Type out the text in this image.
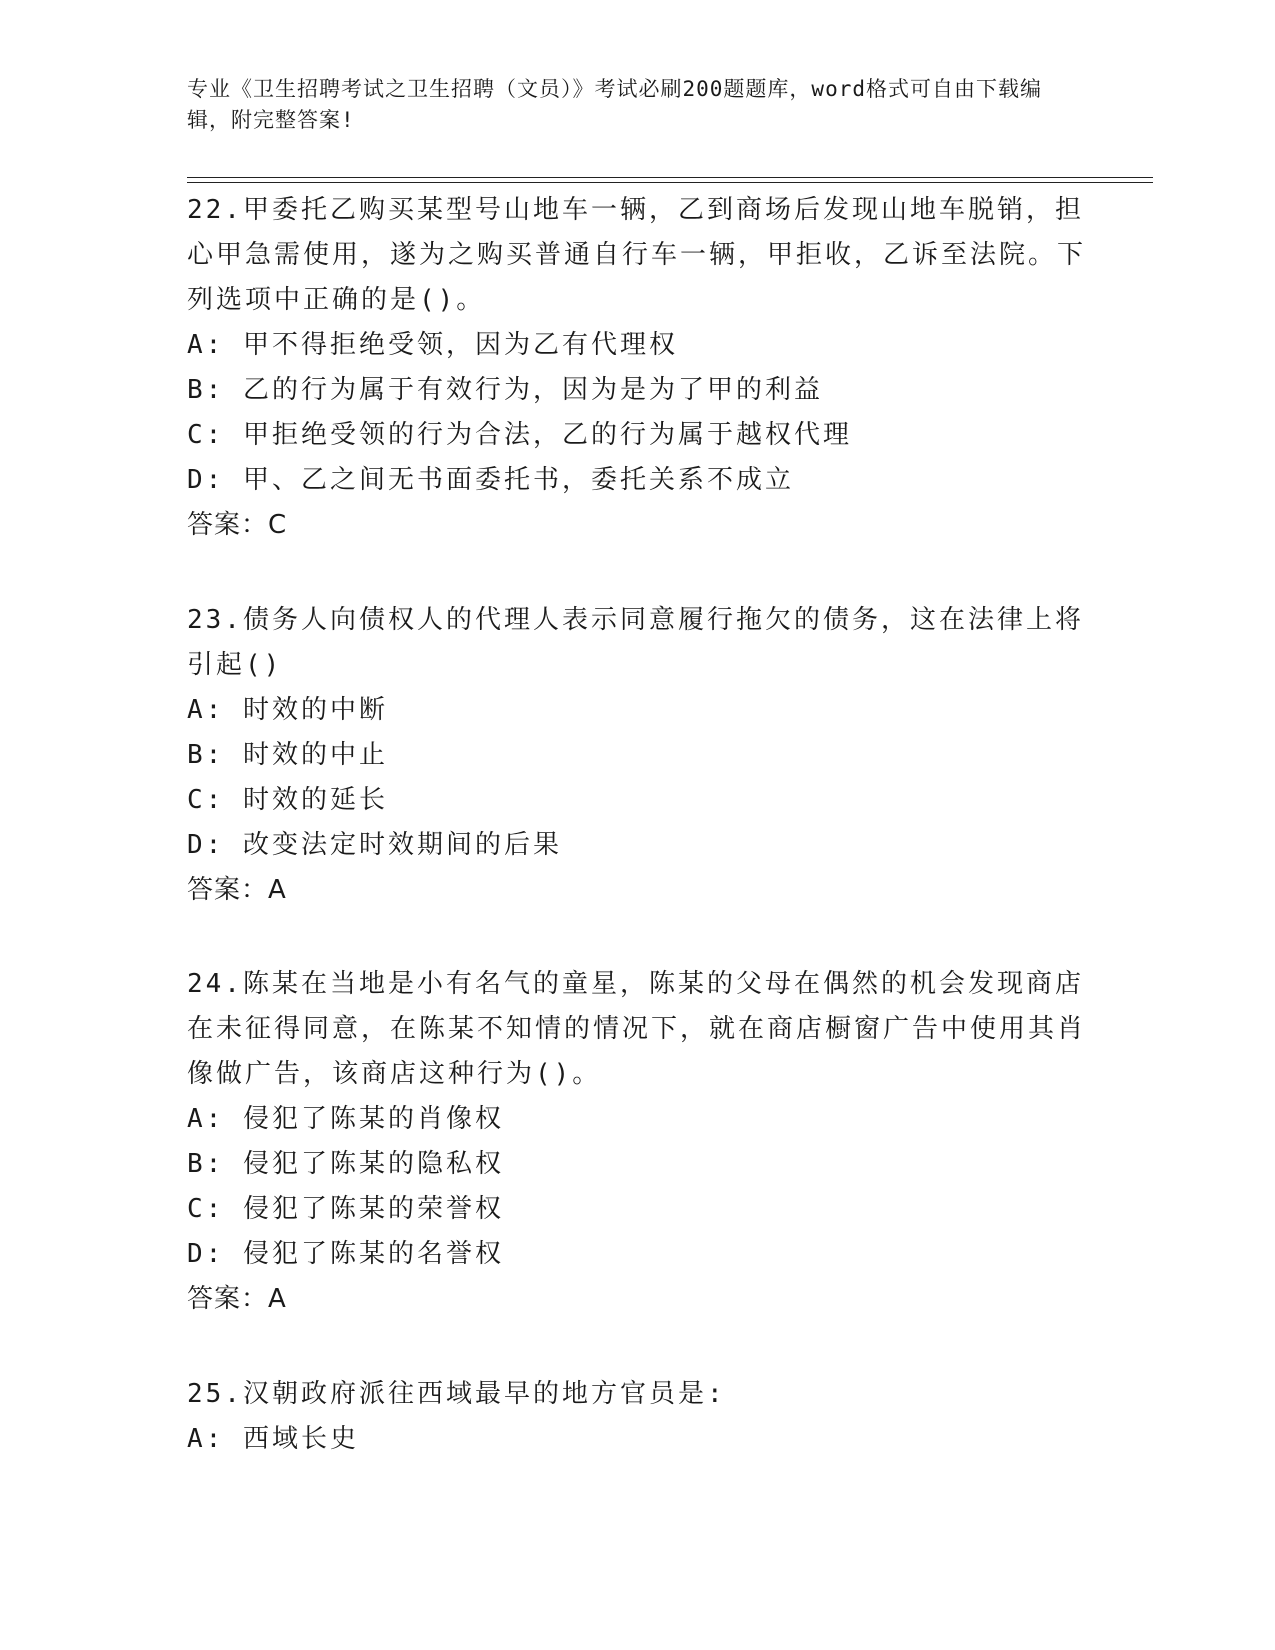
专业《卫生招聘考试之卫生招聘（文员）》考试必刷200题题库，word格式可自由下载编辑，附完整答案!

22.甲委托乙购买某型号山地车一辆，乙到商场后发现山地车脱销，担心甲急需使用，遂为之购买普通自行车一辆，甲拒收，乙诉至法院。下列选项中正确的是()。

A: 甲不得拒绝受领，因为乙有代理权

B: 乙的行为属于有效行为，因为是为了甲的利益

C: 甲拒绝受领的行为合法，乙的行为属于越权代理

D: 甲、乙之间无书面委托书，委托关系不成立

答案：C

23.债务人向债权人的代理人表示同意履行拖欠的债务，这在法律上将引起()

A: 时效的中断

B: 时效的中止

C: 时效的延长

D: 改变法定时效期间的后果

答案：A

24.陈某在当地是小有名气的童星，陈某的父母在偶然的机会发现商店在未征得同意，在陈某不知情的情况下，就在商店橱窗广告中使用其肖像做广告，该商店这种行为()。

A: 侵犯了陈某的肖像权

B: 侵犯了陈某的隐私权

C: 侵犯了陈某的荣誉权

D: 侵犯了陈某的名誉权

答案：A

25.汉朝政府派往西域最早的地方官员是:

A: 西域长史
